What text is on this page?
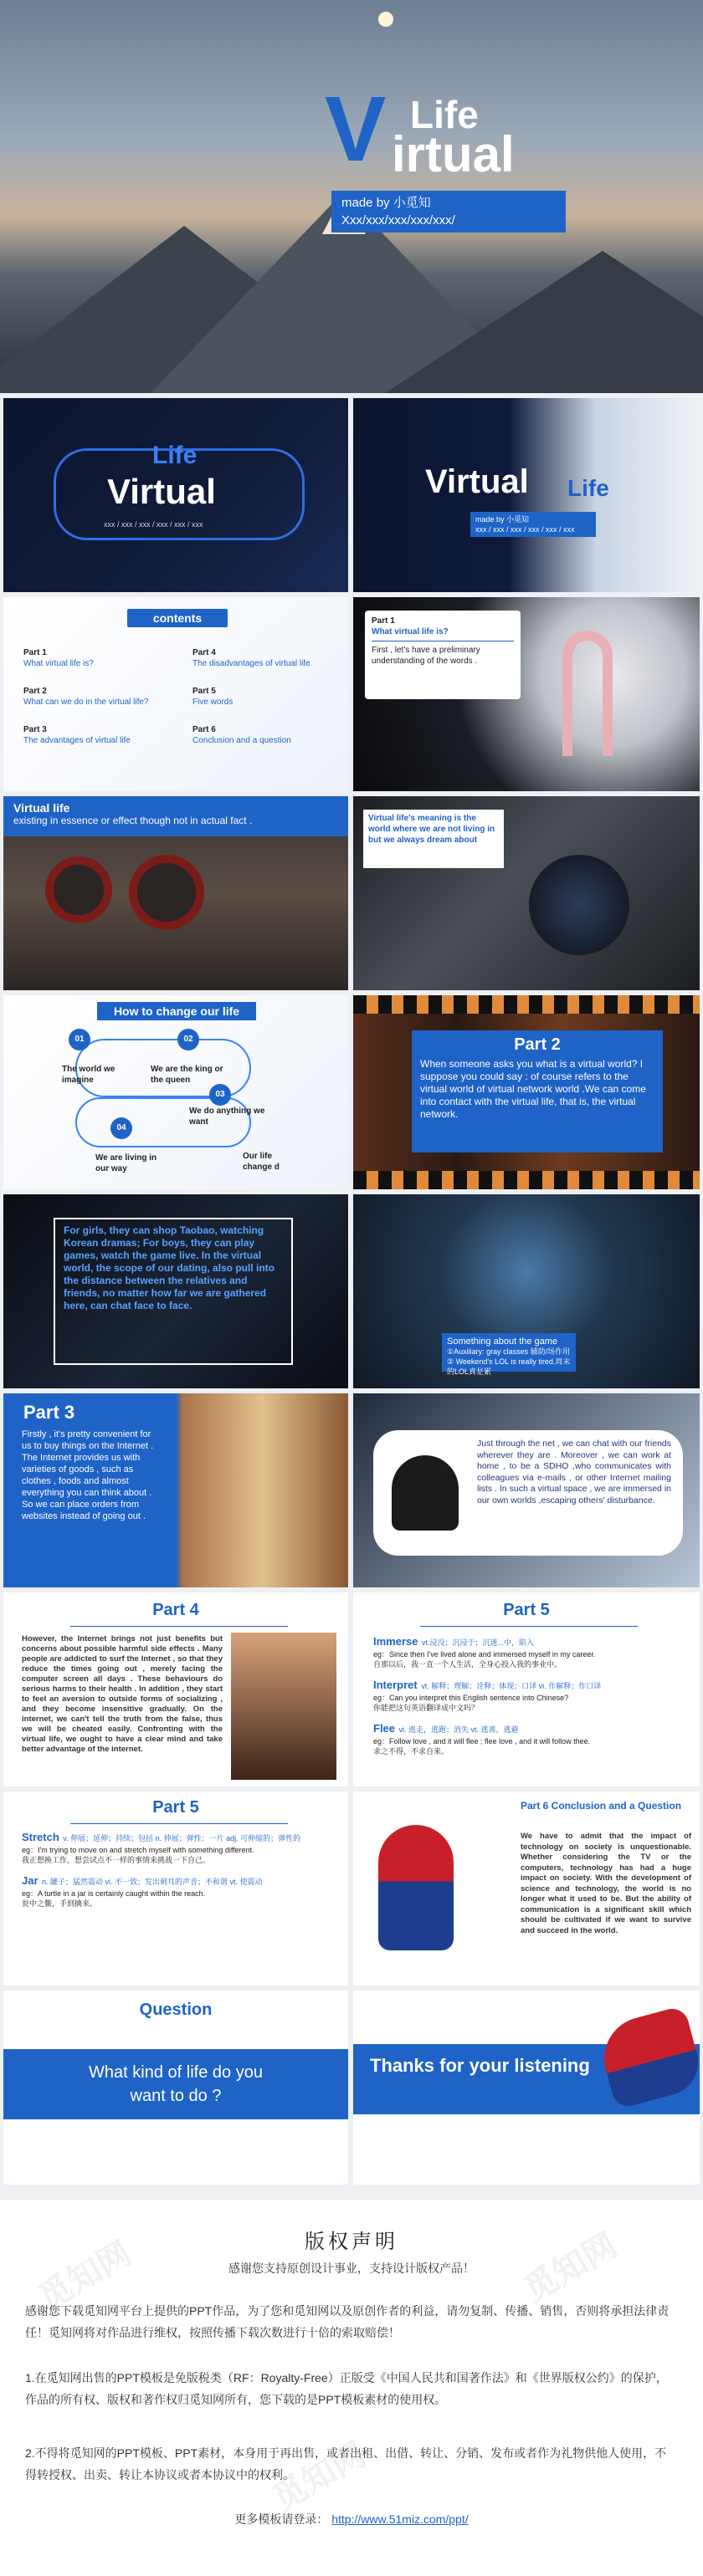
V Life
irtual
made by 小觅知
Xxx/xxx/xxx/xxx/xxx/
Life
Virtual
xxx / xxx / xxx / xxx / xxx / xxx
Virtual Life
made by 小觅知
xxx / xxx / xxx / xxx / xxx / xxx
contents
Part 1
What virtual life is?
Part 2
What can we do in the virtual life?
Part 3
The advantages of virtual life
Part 4
The disadvantages of virtual life
Part 5
Five words
Part 6
Conclusion and a question
Part 1
What virtual life is?
First , let's have a preliminary understanding of the words .
Virtual life
existing in essence or effect though not in actual fact .	Virtual life's meaning is the world where we are not living in but we always dream about
How to change our life
01
The world we imagine
02
We are the king or the queen
03
We do anything we want
04
We are living in our way
Our life change d
Part 2
When someone asks you what is a virtual world? I suppose you could say : of course refers to the virtual world of virtual network world .We can come into contact with the virtual life, that is, the virtual network.
For girls, they can shop Taobao, watching Korean dramas; For boys, they can play games, watch the game live. In the virtual world, the scope of our dating, also pull into the distance between the relatives and friends, no matter how far we are gathered here, can chat face to face.
Something about the game
①Auxiliary: gray classes 辅助/场作用
② Weekend's LOL is really tired.周末的LOL真是累
Part 3
Firstly , it's pretty convenient for us to buy things on the Internet . The Internet provides us with varieties of goods , such as clothes , foods and almost everything you can think about . So we can place orders from websites instead of going out .
Just through the net , we can chat with our friends wherever they are . Moreover , we can work at home , to be a SDHO ,who communicates with colleagues via e-mails , or other Internet mailing lists . In such a virtual space , we are immersed in our own worlds ,escaping others' disturbance.
Part 4
However, the Internet brings not just benefits but concerns about possible harmful side effects . Many people are addicted to surf the Internet , so that they reduce the times going out , merely facing the computer screen all days . These behaviours do serious harms to their health . In addition , they start to feel an aversion to outside forms of socializing , and they become insensitive gradually. On the internet, we can't tell the truth from the false, thus we will be cheated easily. Confronting with the virtual life, we ought to have a clear mind and take better advantage of the internet.
Part 5
Immerse vt.浸没；沉浸于；沉迷...中，陷入
eg：Since then I've lived alone and immersed myself in my career.
自那以后，我一直一个人生活，全身心投入我的事业中。
Interpret vt. 解释；理解；诠释；体现；口译 vi. 作解释；作口译
eg：Can you interpret this English sentence into Chinese?
你能把这句英语翻译成中文吗？
Flee vi. 逃走，逃跑；消失 vt. 逃离，逃避
eg：Follow love , and it will flee ; flee love , and it will follow thee.
求之不得，不求自来。
Part 5
Stretch v. 伸展；延伸；持续；包括 n. 伸展；弹性；一片 adj. 可伸缩的；弹性的
eg：I'm trying to move on and stretch myself with something different.
我正想换工作，想尝试点不一样的事情来挑战一下自己。
Jar n. 罐子；猛然震动 vi. 不一致；发出刺耳的声音；不和谐 vt. 使震动
eg：A turtle in a jar is certainly caught within the reach.
瓮中之鳖，手到擒来。
Part 6 Conclusion and a Question
We have to admit that the impact of technology on society is unquestionable. Whether considering the TV or the computers, technology has had a huge impact on society. With the development of science and technology, the world is no longer what it used to be. But the ability of communication is a significant skill which should be cultivated if we want to survive and succeed in the world.
Question
What kind of life do you want to do ?
Thanks for your listening
觅知网	觅知网
觅知网
版权声明
感谢您支持原创设计事业，支持设计版权产品！

感谢您下载觅知网平台上提供的PPT作品，为了您和觅知网以及原创作者的利益，请勿复制、传播、销售，否则将承担法律责任！觅知网将对作品进行维权，按照传播下载次数进行十倍的索取赔偿！

1.在觅知网出售的PPT模板是免版税类（RF：Royalty-Free）正版受《中国人民共和国著作法》和《世界版权公约》的保护，作品的所有权、版权和著作权归觅知网所有，您下载的是PPT模板素材的使用权。

2.不得将觅知网的PPT模板、PPT素材，本身用于再出售，或者出租、出借、转让、分销、发布或者作为礼物供他人使用，不得转授权、出卖、转让本协议或者本协议中的权利。

更多模板请登录： http://www.51miz.com/ppt/
